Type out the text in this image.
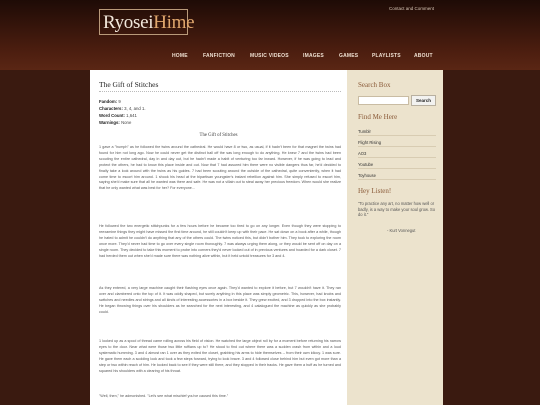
RyoseiHime
Contact and Comment
HOME	FANFICTION	MUSIC VIDEOS	IMAGES	GAMES	PLAYLISTS	ABOUT
The Gift of Stitches
Fandom: 9
Characters: 3, 4, and 1.
Word Count: 1,641
Warnings: None
The Gift of Stitches

1 gave a "humph" as he followed the twins around the cathedral. He would have 8 or two, as usual, if it hadn't been for that magnet the twins had found for him not long ago. Now he could never get the distinct ball off the sas long enough to do anything. He knew 7 and the twins had been scouting the entire cathedral, day in and day out, but he hadn't made a habit of venturing too far inward. However, if he was going to lead and protect the others, he had to know this place inside and out. Now that 7 had assured him there were no visible dangers thus far, he'd decided to finally take a look around with the twins as his guides. 7 had been scouting around the outside of the cathedral, quite conveniently, when it had come time to escort him around. 1 shook his head at the bipartisan youngster's instant rebellion against him. She simply refused to escort him, saying she'd make sure that all he wanted was there and safe. He was not a villain out to steal away her precious freedom. When would she realize that he only wanted what was best for her? For everyone...

He followed the two energetic stitchpunks for a few hours before he became too tired to go on any longer. Even though they were stopping to reexamine things they might have missed the first time around, he still couldn't keep up with their pace. He sat down on a book after a while, though he hated to admit he couldn't do anything that any of the others could. The twins noticed this, but didn't bother him. They took to exploring the room once more. They'd never had time to go over every single room thoroughly. 7 was always urging them along, or they would be sent off on day on a single room. They decided to take this moment to probe into corners they'd never looked out of in previous ventures and hoarded for a dark closet. 7 had herded them out when she'd made sure there was nothing alive within, but it held untold treasures for 3 and 4.

As they entered, a very large machine caught their flashing eyes once again. They'd wanted to explore it before, but 7 wouldn't have it. They ran over and clambered onto the top of it. It was oddly shaped, but surely anything in this place was simply geometric. This, however, had knobs and switches and needles and strings and all kinds of interesting accessories in a box beside it. They grew excited, and 3 dropped into the box instantly. He began throwing things over his shoulders as he searched for the next interesting, and 4 catalogued the machine as quickly as she probably could.

1 looked up as a spool of thread came rolling across his field of vision. He watched the large object roll by for a moment before returning his narrow eyes to the door. Near what were those two little ruffians up to? He stood to find out where there was a sudden crash from within and a loud systematic humming. 3 and 4 almost ran 1 over as they exited the closet, grabbing his arms to hide themselves -- from their own idiocy. 1 was sure. He gave them each a scolding look and took a few steps forward, trying to look brave. 3 and 4 followed close behind him but even got more than a step or two within reach of him. He looked back to see if they were still there, and they stopped in their tracks. He gave them a huff as he turned and squared his shoulders with a clearing of his throat.

"Well, then," he admonished. "Let's see what mischief you've caused this time."

Search Box
Search
Find Me Here
Tumblr
Flight Rising
AO3
Youtube
Toyhouse
Hey Listen!
"To practice any art, no matter how well or badly, is a way to make your soul grow. So do it."
- Kurt Vonnegut
